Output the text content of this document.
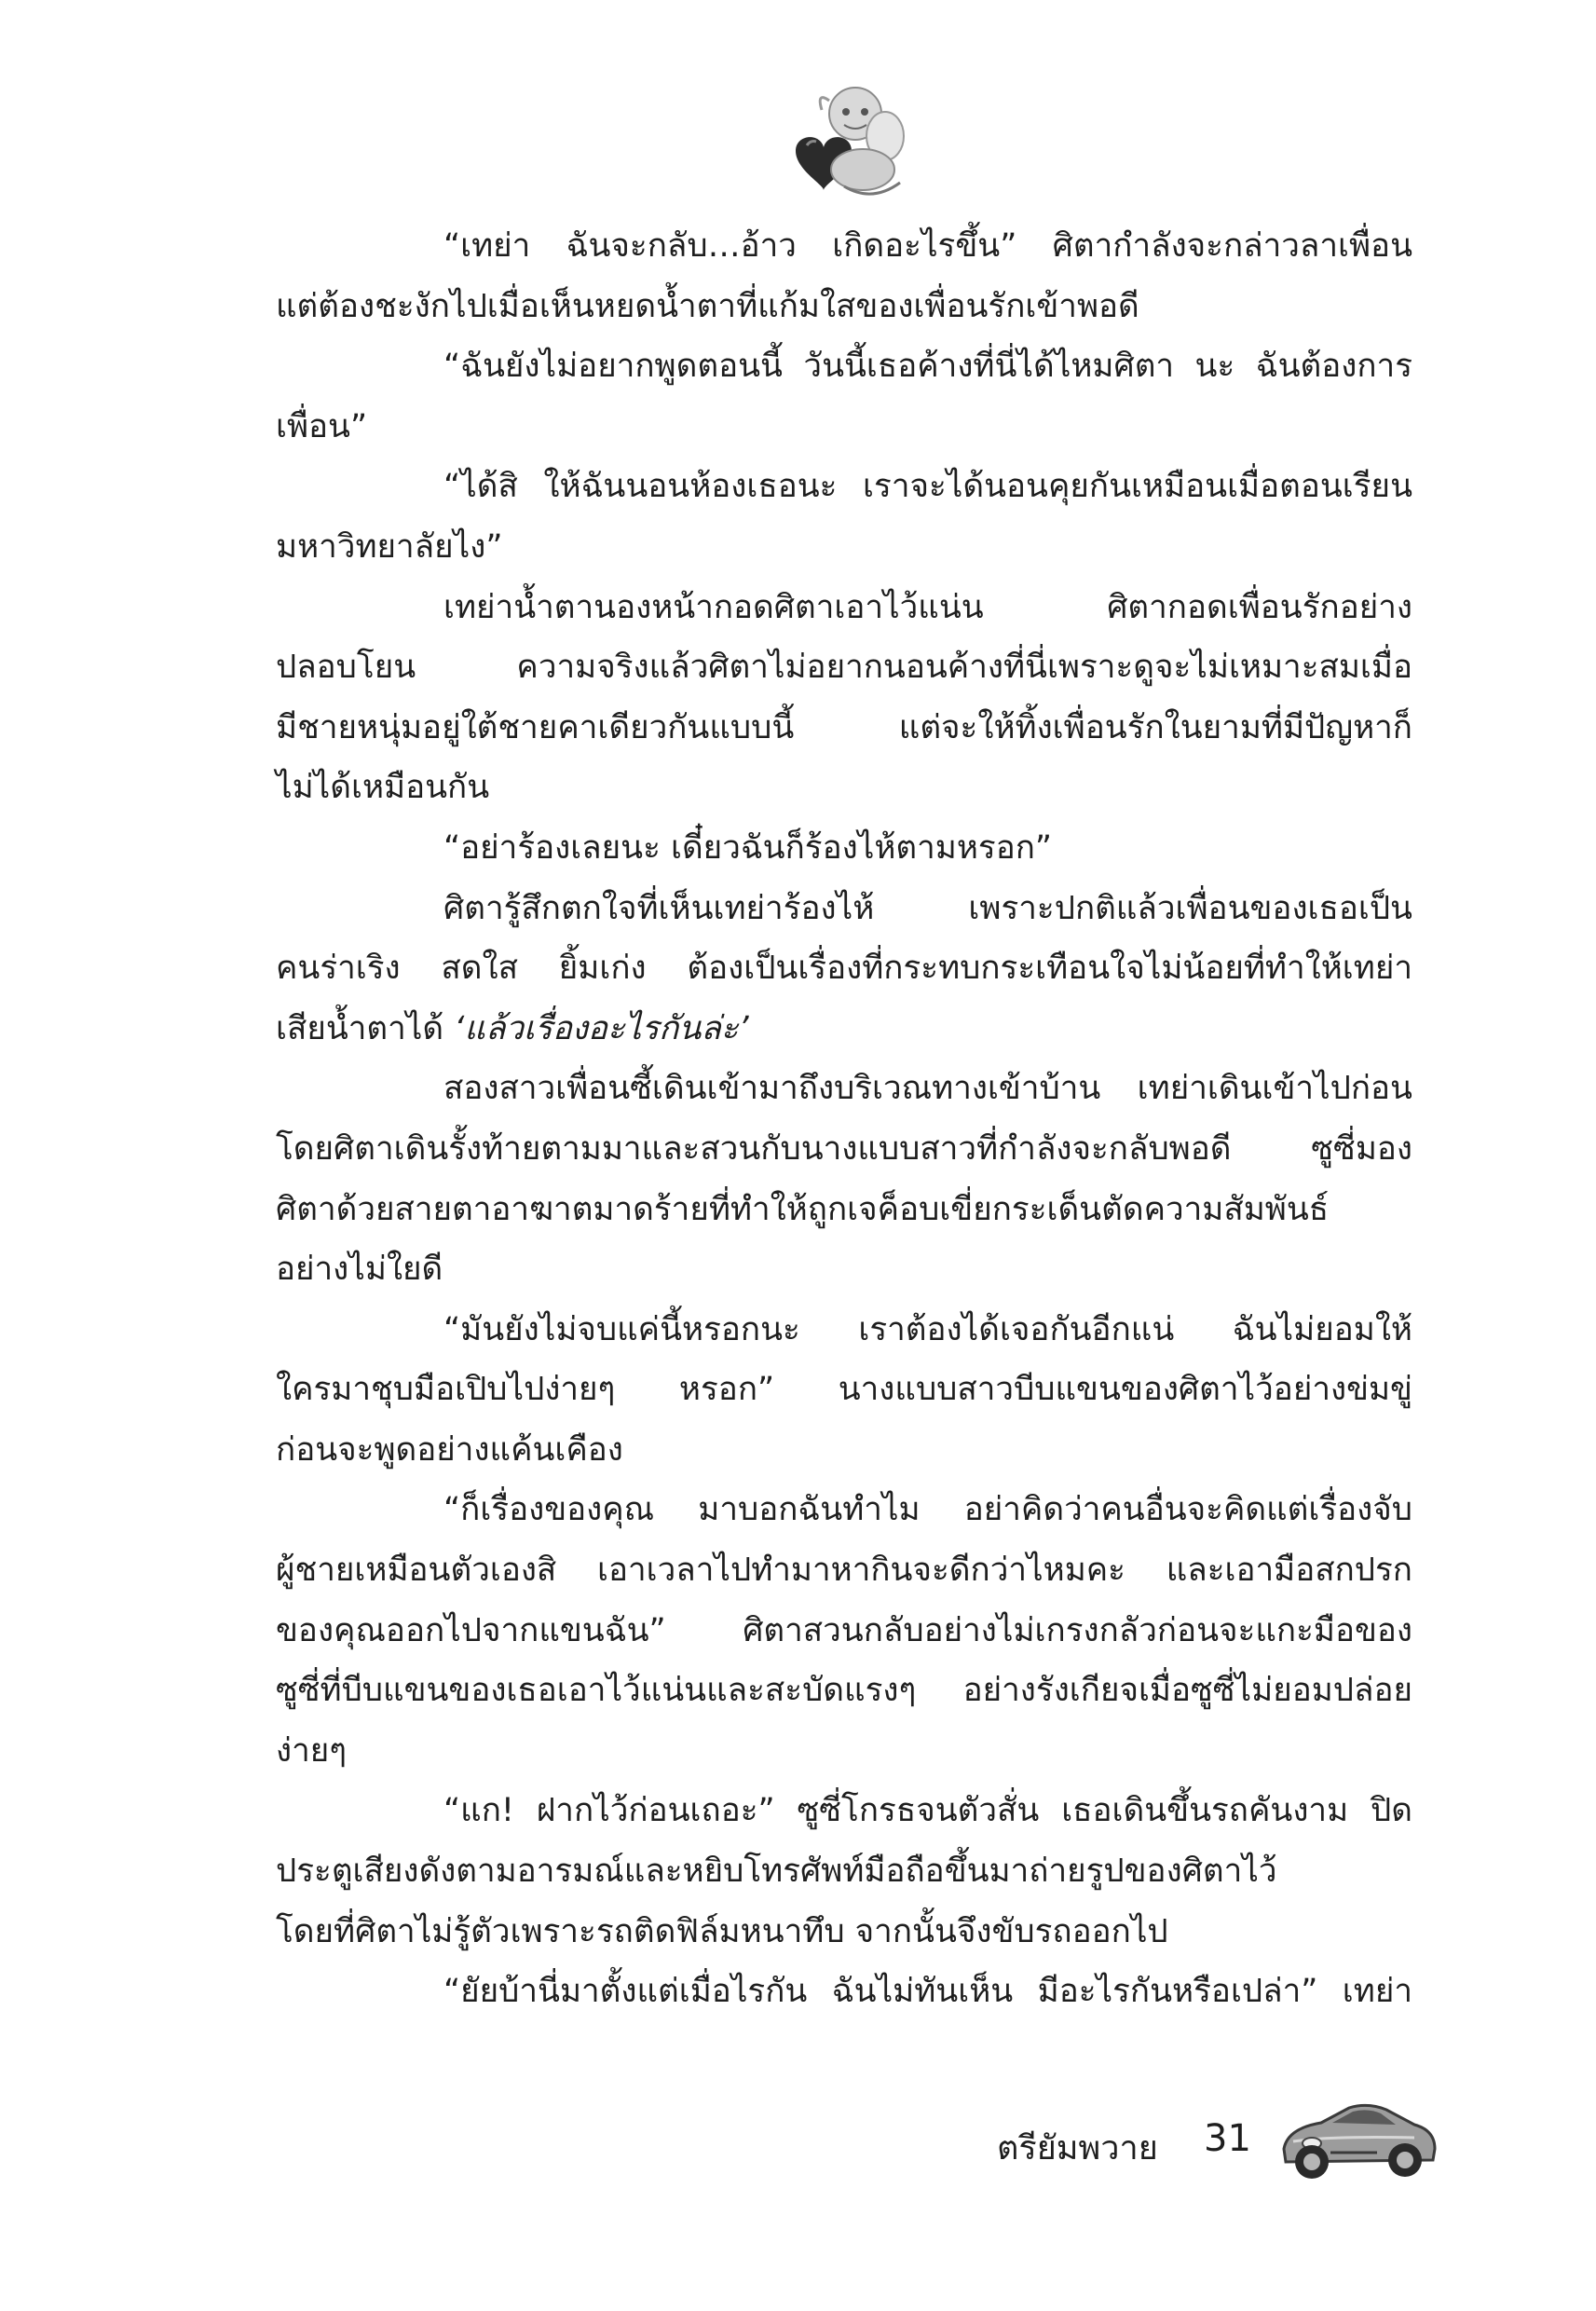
“เทย่า ฉันจะกลับ…อ้าว เกิดอะไรขึ้น” ศิตากำลังจะกล่าวลาเพื่อน
แต่ต้องชะงักไปเมื่อเห็นหยดน้ำตาที่แก้มใสของเพื่อนรักเข้าพอดี

“ฉันยังไม่อยากพูดตอนนี้ วันนี้เธอค้างที่นี่ได้ไหมศิตา นะ ฉันต้องการ
เพื่อน”

“ได้สิ ให้ฉันนอนห้องเธอนะ เราจะได้นอนคุยกันเหมือนเมื่อตอนเรียน
มหาวิทยาลัยไง”

เทย่าน้ำตานองหน้ากอดศิตาเอาไว้แน่น ศิตากอดเพื่อนรักอย่าง
ปลอบโยน ความจริงแล้วศิตาไม่อยากนอนค้างที่นี่เพราะดูจะไม่เหมาะสมเมื่อ
มีชายหนุ่มอยู่ใต้ชายคาเดียวกันแบบนี้ แต่จะให้ทิ้งเพื่อนรักในยามที่มีปัญหาก็
ไม่ได้เหมือนกัน

“อย่าร้องเลยนะ เดี๋ยวฉันก็ร้องไห้ตามหรอก”

ศิตารู้สึกตกใจที่เห็นเทย่าร้องไห้ เพราะปกติแล้วเพื่อนของเธอเป็น
คนร่าเริง สดใส ยิ้มเก่ง ต้องเป็นเรื่องที่กระทบกระเทือนใจไม่น้อยที่ทำให้เทย่า
เสียน้ำตาได้ ‘แล้วเรื่องอะไรกันล่ะ’

สองสาวเพื่อนซี้เดินเข้ามาถึงบริเวณทางเข้าบ้าน เทย่าเดินเข้าไปก่อน
โดยศิตาเดินรั้งท้ายตามมาและสวนกับนางแบบสาวที่กำลังจะกลับพอดี ซูซี่มอง
ศิตาด้วยสายตาอาฆาตมาดร้ายที่ทำให้ถูกเจค็อบเขี่ยกระเด็นตัดความสัมพันธ์
อย่างไม่ใยดี

“มันยังไม่จบแค่นี้หรอกนะ เราต้องได้เจอกันอีกแน่ ฉันไม่ยอมให้
ใครมาชุบมือเปิบไปง่ายๆ หรอก” นางแบบสาวบีบแขนของศิตาไว้อย่างข่มขู่
ก่อนจะพูดอย่างแค้นเคือง

“ก็เรื่องของคุณ มาบอกฉันทำไม อย่าคิดว่าคนอื่นจะคิดแต่เรื่องจับ
ผู้ชายเหมือนตัวเองสิ เอาเวลาไปทำมาหากินจะดีกว่าไหมคะ และเอามือสกปรก
ของคุณออกไปจากแขนฉัน” ศิตาสวนกลับอย่างไม่เกรงกลัวก่อนจะแกะมือของ
ซูซี่ที่บีบแขนของเธอเอาไว้แน่นและสะบัดแรงๆ อย่างรังเกียจเมื่อซูซี่ไม่ยอมปล่อย
ง่ายๆ

“แก! ฝากไว้ก่อนเถอะ” ซูซี่โกรธจนตัวสั่น เธอเดินขึ้นรถคันงาม ปิด
ประตูเสียงดังตามอารมณ์และหยิบโทรศัพท์มือถือขึ้นมาถ่ายรูปของศิตาไว้
โดยที่ศิตาไม่รู้ตัวเพราะรถติดฟิล์มหนาทึบ จากนั้นจึงขับรถออกไป

“ยัยบ้านี่มาตั้งแต่เมื่อไรกัน ฉันไม่ทันเห็น มีอะไรกันหรือเปล่า” เทย่า

ตรียัมพวาย 31
